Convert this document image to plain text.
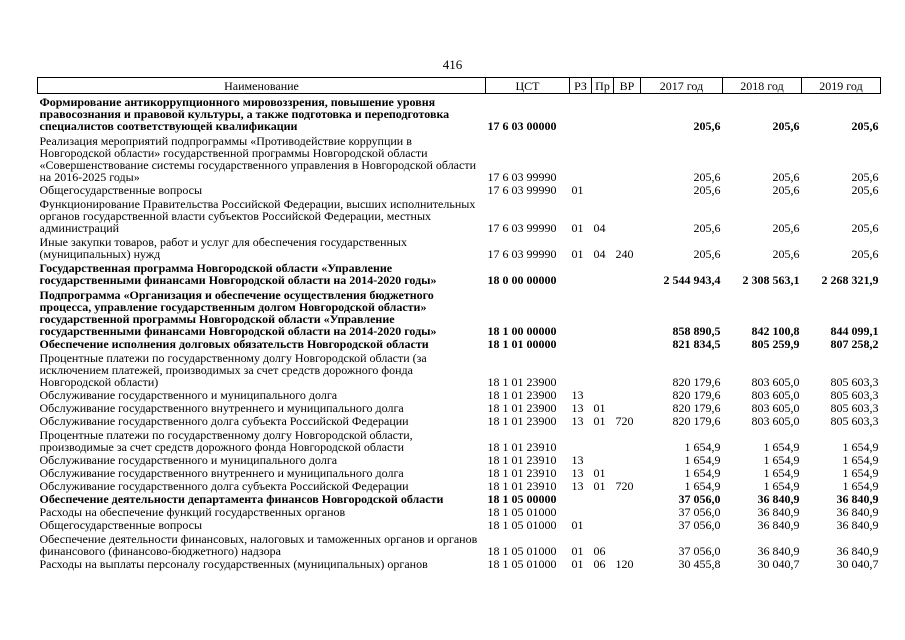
416
Наименование	ЦСТ	РЗ	Пр	ВР	2017 год	2018 год	2019 год
Формирование антикоррупционного мировоззрения, повышение уровня правосознания и правовой культуры, а также подготовка и переподготовка специалистов соответствующей квалификации	17 6 03 00000				205,6	205,6	205,6
Реализация мероприятий подпрограммы «Противодействие коррупции в Новгородской области» государственной программы Новгородской области «Совершенствование системы государственного управления в Новгородской области на 2016-2025 годы»	17 6 03 99990				205,6	205,6	205,6
Общегосударственные вопросы	17 6 03 99990	01			205,6	205,6	205,6
Функционирование Правительства Российской Федерации, высших исполнительных органов государственной власти субъектов Российской Федерации, местных администраций	17 6 03 99990	01	04		205,6	205,6	205,6
Иные закупки товаров, работ и услуг для обеспечения государственных (муниципальных) нужд	17 6 03 99990	01	04	240	205,6	205,6	205,6
Государственная программа Новгородской области «Управление государственными финансами Новгородской области на 2014-2020 годы»	18 0 00 00000				2 544 943,4	2 308 563,1	2 268 321,9
Подпрограмма «Организация и обеспечение осуществления бюджетного процесса, управление государственным долгом Новгородской области» государственной программы Новгородской области «Управление государственными финансами Новгородской области на 2014-2020 годы»	18 1 00 00000				858 890,5	842 100,8	844 099,1
Обеспечение исполнения долговых обязательств Новгородской области	18 1 01 00000				821 834,5	805 259,9	807 258,2
Процентные платежи по государственному долгу Новгородской области (за исключением платежей, производимых за счет средств дорожного фонда Новгородской области)	18 1 01 23900				820 179,6	803 605,0	805 603,3
Обслуживание государственного и муниципального долга	18 1 01 23900	13			820 179,6	803 605,0	805 603,3
Обслуживание государственного внутреннего и муниципального долга	18 1 01 23900	13	01		820 179,6	803 605,0	805 603,3
Обслуживание государственного долга субъекта Российской Федерации	18 1 01 23900	13	01	720	820 179,6	803 605,0	805 603,3
Процентные платежи по государственному долгу Новгородской области, производимые за счет средств дорожного фонда Новгородской области	18 1 01 23910				1 654,9	1 654,9	1 654,9
Обслуживание государственного и муниципального долга	18 1 01 23910	13			1 654,9	1 654,9	1 654,9
Обслуживание государственного внутреннего и муниципального долга	18 1 01 23910	13	01		1 654,9	1 654,9	1 654,9
Обслуживание государственного долга субъекта Российской Федерации	18 1 01 23910	13	01	720	1 654,9	1 654,9	1 654,9
Обеспечение деятельности департамента финансов Новгородской области	18 1 05 00000				37 056,0	36 840,9	36 840,9
Расходы на обеспечение функций государственных органов	18 1 05 01000				37 056,0	36 840,9	36 840,9
Общегосударственные вопросы	18 1 05 01000	01			37 056,0	36 840,9	36 840,9
Обеспечение деятельности финансовых, налоговых и таможенных органов и органов финансового (финансово-бюджетного) надзора	18 1 05 01000	01	06		37 056,0	36 840,9	36 840,9
Расходы на выплаты персоналу государственных (муниципальных) органов	18 1 05 01000	01	06	120	30 455,8	30 040,7	30 040,7
